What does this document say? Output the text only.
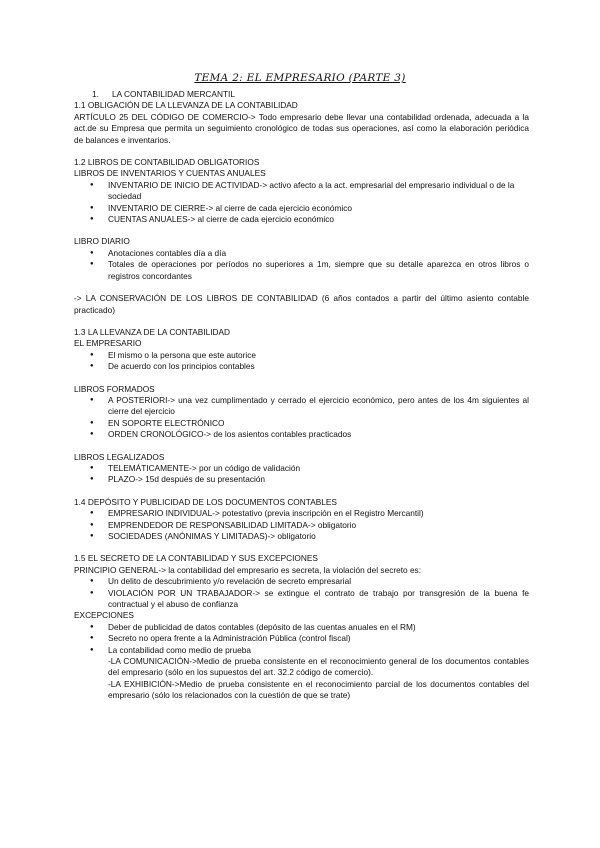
TEMA 2: EL EMPRESARIO (PARTE 3)
1. LA CONTABILIDAD MERCANTIL
1.1 OBLIGACIÓN DE LA LLEVANZA DE LA CONTABILIDAD
ARTÍCULO 25 DEL CÓDIGO DE COMERCIO-> Todo empresario debe llevar una contabilidad ordenada, adecuada a la act.de su Empresa que permita un seguimiento cronológico de todas sus operaciones, así como la elaboración periódica de balances e inventarios.
1.2 LIBROS DE CONTABILIDAD OBLIGATORIOS
LIBROS DE INVENTARIOS Y CUENTAS ANUALES
● INVENTARIO DE INICIO DE ACTIVIDAD-> activo afecto a la act. empresarial del empresario individual o de la sociedad
● INVENTARIO DE CIERRE-> al cierre de cada ejercicio económico
● CUENTAS ANUALES-> al cierre de cada ejercicio económico
LIBRO DIARIO
● Anotaciones contables día a día
● Totales de operaciones por períodos no superiores a 1m, siempre que su detalle aparezca en otros libros o registros concordantes
-> LA CONSERVACIÓN DE LOS LIBROS DE CONTABILIDAD (6 años contados a partir del último asiento contable practicado)
1.3 LA LLEVANZA DE LA CONTABILIDAD
EL EMPRESARIO
● El mismo o la persona que este autorice
● De acuerdo con los principios contables
LIBROS FORMADOS
● A POSTERIORI-> una vez cumplimentado y cerrado el ejercicio económico, pero antes de los 4m siguientes al cierre del ejercicio
● EN SOPORTE ELECTRÓNICO
● ORDEN CRONOLÓGICO-> de los asientos contables practicados
LIBROS LEGALIZADOS
● TELEMÁTICAMENTE-> por un código de validación
● PLAZO-> 15d después de su presentación
1.4 DEPÓSITO Y PUBLICIDAD DE LOS DOCUMENTOS CONTABLES
● EMPRESARIO INDIVIDUAL-> potestativo (previa inscripción en el Registro Mercantil)
● EMPRENDEDOR DE RESPONSABILIDAD LIMITADA-> obligatorio
● SOCIEDADES (ANÓNIMAS Y LIMITADAS)-> obligatorio
1.5 EL SECRETO DE LA CONTABILIDAD Y SUS EXCEPCIONES
PRINCIPIO GENERAL-> la contabilidad del empresario es secreta, la violación del secreto es:
● Un delito de descubrimiento y/o revelación de secreto empresarial
● VIOLACIÓN POR UN TRABAJADOR-> se extingue el contrato de trabajo por transgresión de la buena fe contractual y el abuso de confianza
EXCEPCIONES
● Deber de publicidad de datos contables (depósito de las cuentas anuales en el RM)
● Secreto no opera frente a la Administración Pública (control fiscal)
● La contabilidad como medio de prueba
-LA COMUNICACIÓN->Medio de prueba consistente en el reconocimiento general de los documentos contables del empresario (sólo en los supuestos del art. 32.2 código de comercio).
-LA EXHIBICIÓN->Medio de prueba consistente en el reconocimiento parcial de los documentos contables del empresario (sólo los relacionados con la cuestión de que se trate)
